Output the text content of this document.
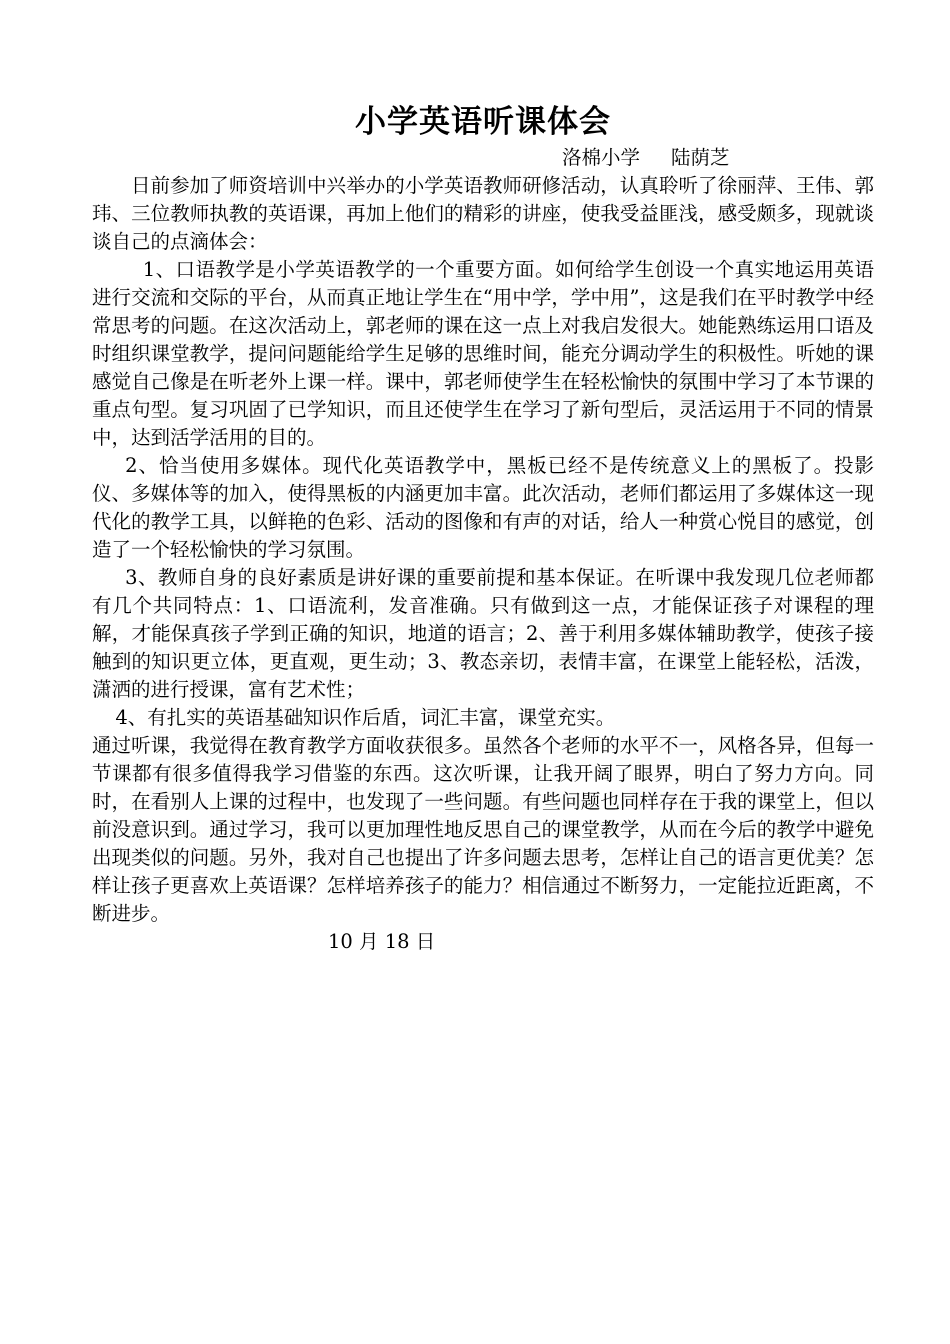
小学英语听课体会
洛棉小学     陆荫芝

日前参加了师资培训中兴举办的小学英语教师研修活动，认真聆听了徐丽萍、王伟、郭玮、三位教师执教的英语课，再加上他们的精彩的讲座，使我受益匪浅，感受颇多，现就谈谈自己的点滴体会：

1、口语教学是小学英语教学的一个重要方面。如何给学生创设一个真实地运用英语进行交流和交际的平台，从而真正地让学生在“用中学，学中用”，这是我们在平时教学中经常思考的问题。在这次活动上，郭老师的课在这一点上对我启发很大。她能熟练运用口语及时组织课堂教学，提问问题能给学生足够的思维时间，能充分调动学生的积极性。听她的课感觉自己像是在听老外上课一样。课中，郭老师使学生在轻松愉快的氛围中学习了本节课的重点句型。复习巩固了已学知识，而且还使学生在学习了新句型后，灵活运用于不同的情景中，达到活学活用的目的。

2、恰当使用多媒体。现代化英语教学中，黑板已经不是传统意义上的黑板了。投影仪、多媒体等的加入，使得黑板的内涵更加丰富。此次活动，老师们都运用了多媒体这一现代化的教学工具，以鲜艳的色彩、活动的图像和有声的对话，给人一种赏心悦目的感觉，创造了一个轻松愉快的学习氛围。

3、教师自身的良好素质是讲好课的重要前提和基本保证。在听课中我发现几位老师都有几个共同特点：1、口语流利，发音准确。只有做到这一点，才能保证孩子对课程的理解，才能保真孩子学到正确的知识，地道的语言；2、善于利用多媒体辅助教学，使孩子接触到的知识更立体，更直观，更生动；3、教态亲切，表情丰富，在课堂上能轻松，活泼，潇洒的进行授课，富有艺术性；

4、有扎实的英语基础知识作后盾，词汇丰富，课堂充实。

通过听课，我觉得在教育教学方面收获很多。虽然各个老师的水平不一，风格各异，但每一节课都有很多值得我学习借鉴的东西。这次听课，让我开阔了眼界，明白了努力方向。同时，在看别人上课的过程中，也发现了一些问题。有些问题也同样存在于我的课堂上，但以前没意识到。通过学习，我可以更加理性地反思自己的课堂教学，从而在今后的教学中避免出现类似的问题。另外，我对自己也提出了许多问题去思考，怎样让自己的语言更优美？怎样让孩子更喜欢上英语课？怎样培养孩子的能力？相信通过不断努力，一定能拉近距离，不断进步。

10 月 18 日
